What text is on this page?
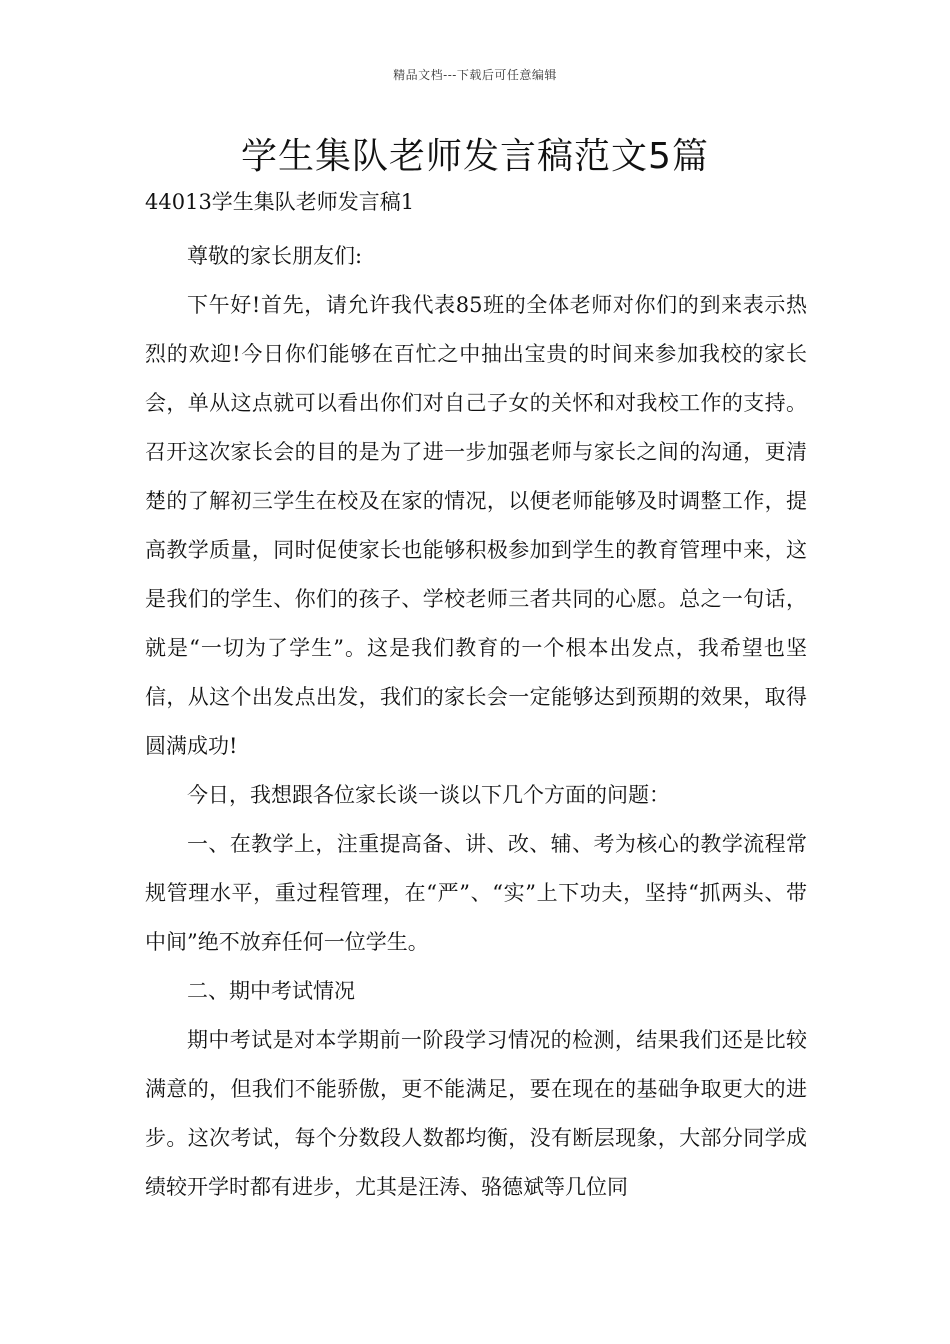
精品文档---下载后可任意编辑
学生集队老师发言稿范文5篇
44013学生集队老师发言稿1

尊敬的家长朋友们:

下午好!首先，请允许我代表85班的全体老师对你们的到来表示热烈的欢迎!今日你们能够在百忙之中抽出宝贵的时间来参加我校的家长会，单从这点就可以看出你们对自己子女的关怀和对我校工作的支持。召开这次家长会的目的是为了进一步加强老师与家长之间的沟通，更清楚的了解初三学生在校及在家的情况，以便老师能够及时调整工作，提高教学质量，同时促使家长也能够积极参加到学生的教育管理中来，这是我们的学生、你们的孩子、学校老师三者共同的心愿。总之一句话，就是“一切为了学生”。这是我们教育的一个根本出发点，我希望也坚信，从这个出发点出发，我们的家长会一定能够达到预期的效果，取得圆满成功!

今日，我想跟各位家长谈一谈以下几个方面的问题：

一、在教学上，注重提高备、讲、改、辅、考为核心的教学流程常规管理水平，重过程管理，在“严”、“实”上下功夫，坚持“抓两头、带中间”绝不放弃任何一位学生。

二、期中考试情况

期中考试是对本学期前一阶段学习情况的检测，结果我们还是比较满意的，但我们不能骄傲，更不能满足，要在现在的基础争取更大的进步。这次考试，每个分数段人数都均衡，没有断层现象，大部分同学成绩较开学时都有进步，尤其是汪涛、骆德斌等几位同
